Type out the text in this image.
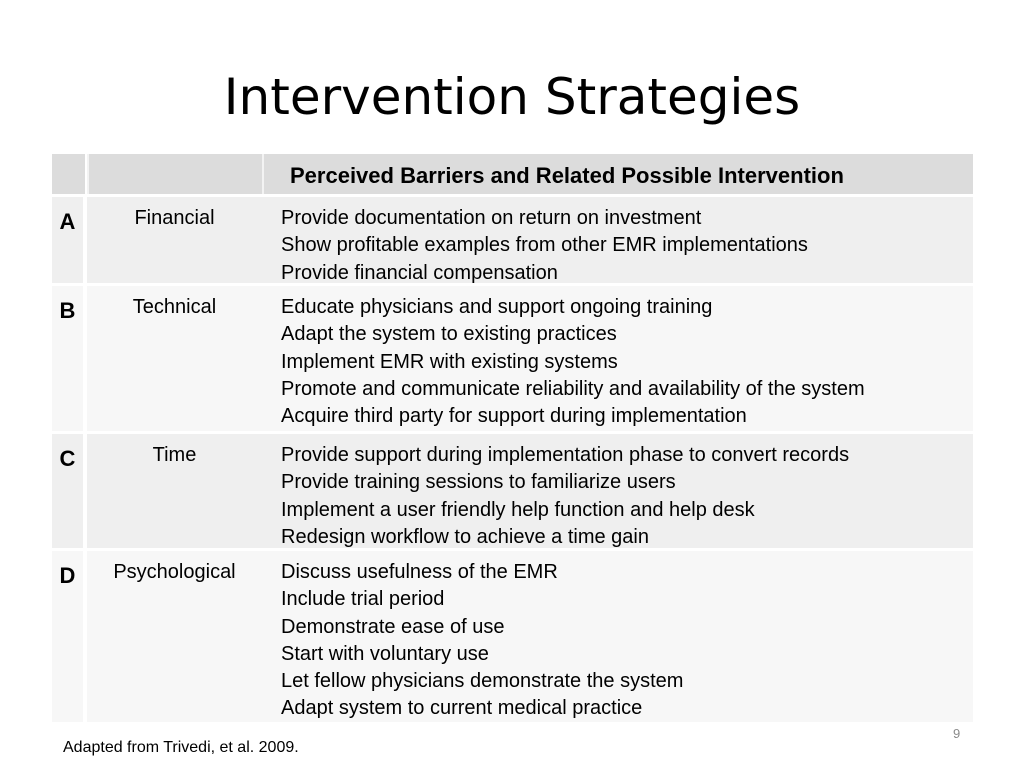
Intervention Strategies
Perceived Barriers and Related Possible Intervention
A	Financial	Provide documentation on return on investment
Show profitable examples from other EMR implementations
Provide financial compensation
B	Technical	Educate physicians and support ongoing training
Adapt the system to existing practices
Implement EMR with existing systems
Promote and communicate reliability and availability of the system
Acquire third party for support during implementation
C	Time	Provide support during implementation phase to convert records
Provide training sessions to familiarize users
Implement a user friendly help function and help desk
Redesign workflow to achieve a time gain
D	Psychological	Discuss usefulness of the EMR
Include trial period
Demonstrate ease of use
Start with voluntary use
Let fellow physicians demonstrate the system
Adapt system to current medical practice
9
Adapted from Trivedi, et al. 2009.
